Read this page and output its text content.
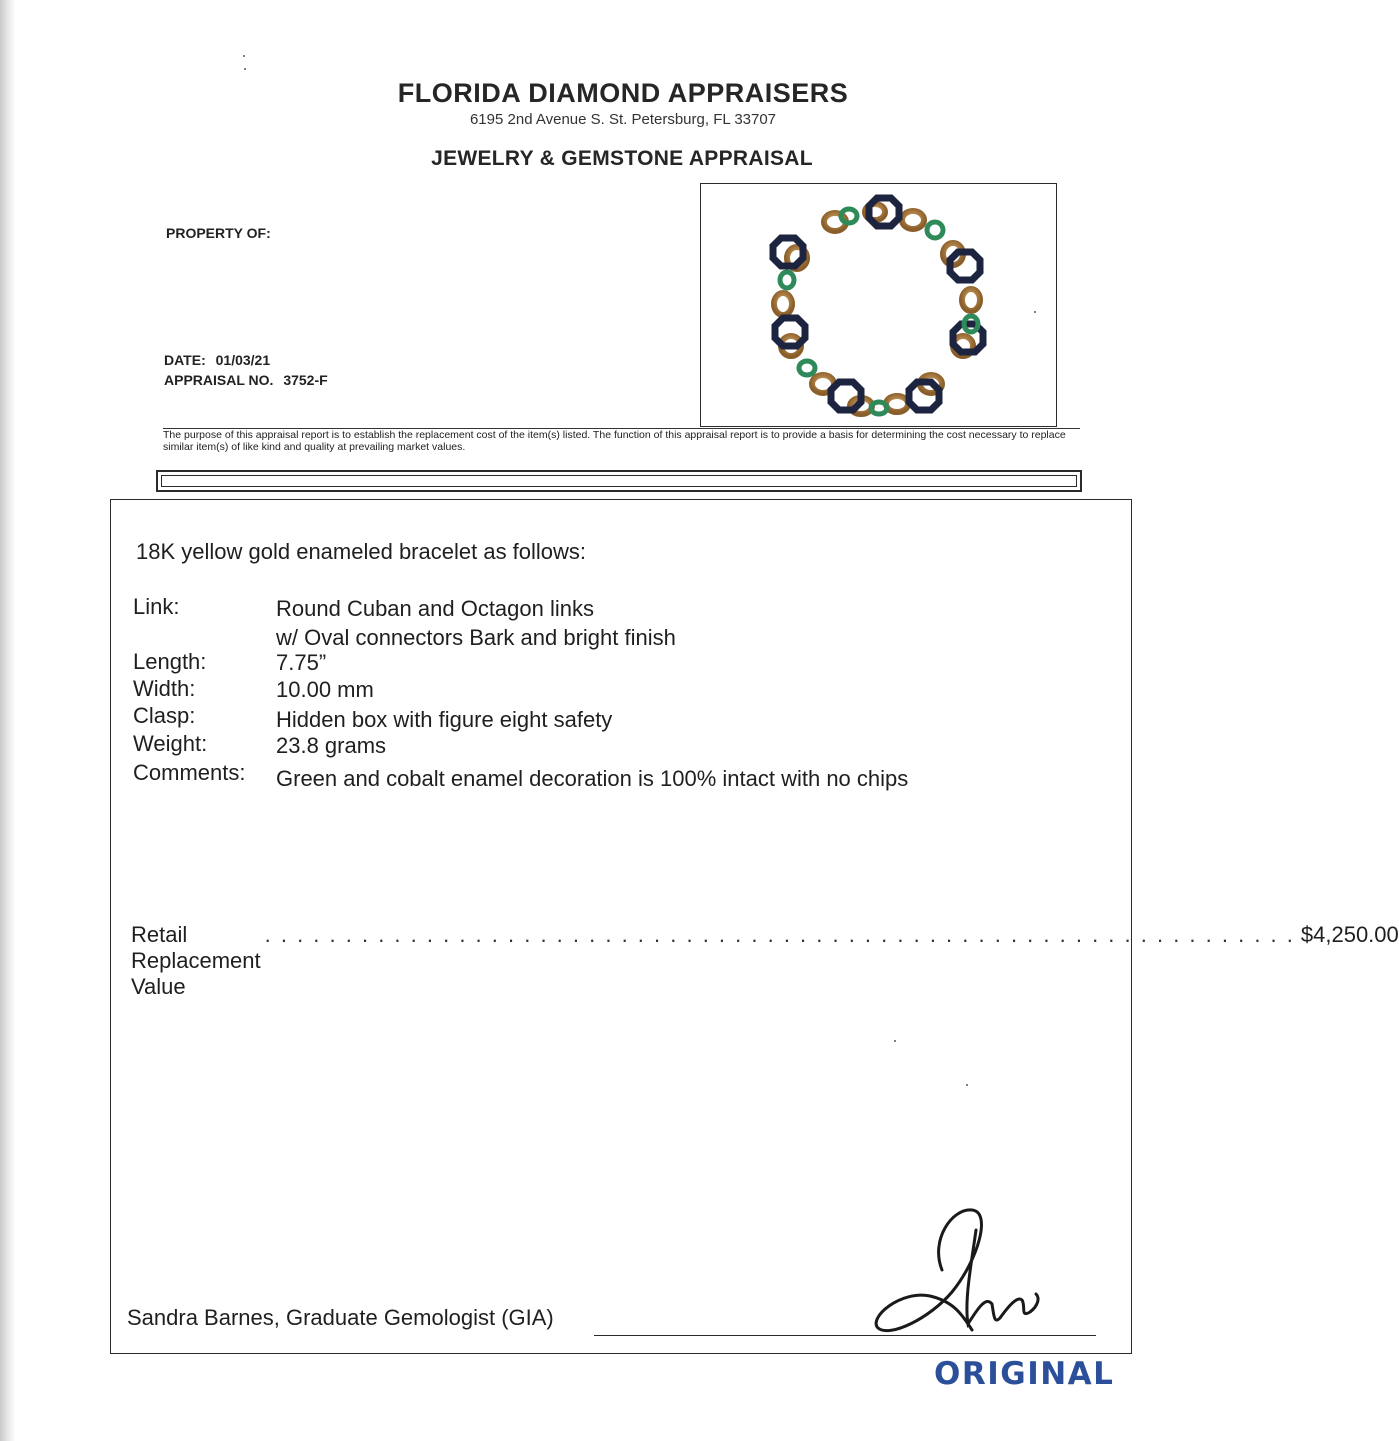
FLORIDA DIAMOND APPRAISERS
6195 2nd Avenue S. St. Petersburg, FL 33707
JEWELRY & GEMSTONE APPRAISAL
PROPERTY OF:
DATE: 01/03/21
APPRAISAL NO. 3752-F
The purpose of this appraisal report is to establish the replacement cost of the item(s) listed. The function of this appraisal report is to provide a basis for determining the cost necessary to replace similar item(s) of like kind and quality at prevailing market values.
18K yellow gold enameled bracelet as follows:
Link:	Round Cuban and Octagon links
w/ Oval connectors Bark and bright finish
Length:	7.75”
Width:	10.00 mm
Clasp:	Hidden box with figure eight safety
Weight:	23.8 grams
Comments: Green and cobalt enamel decoration is 100% intact with no chips
Retail Replacement Value
. . . . . . . . . . . . . . . . . . . . . . . . . . . . . . . . . . . . . . . . . . . . . . . . . . . . . . . . . . . . . . . . $4,250.00
Sandra Barnes, Graduate Gemologist (GIA)
ORIGINAL
